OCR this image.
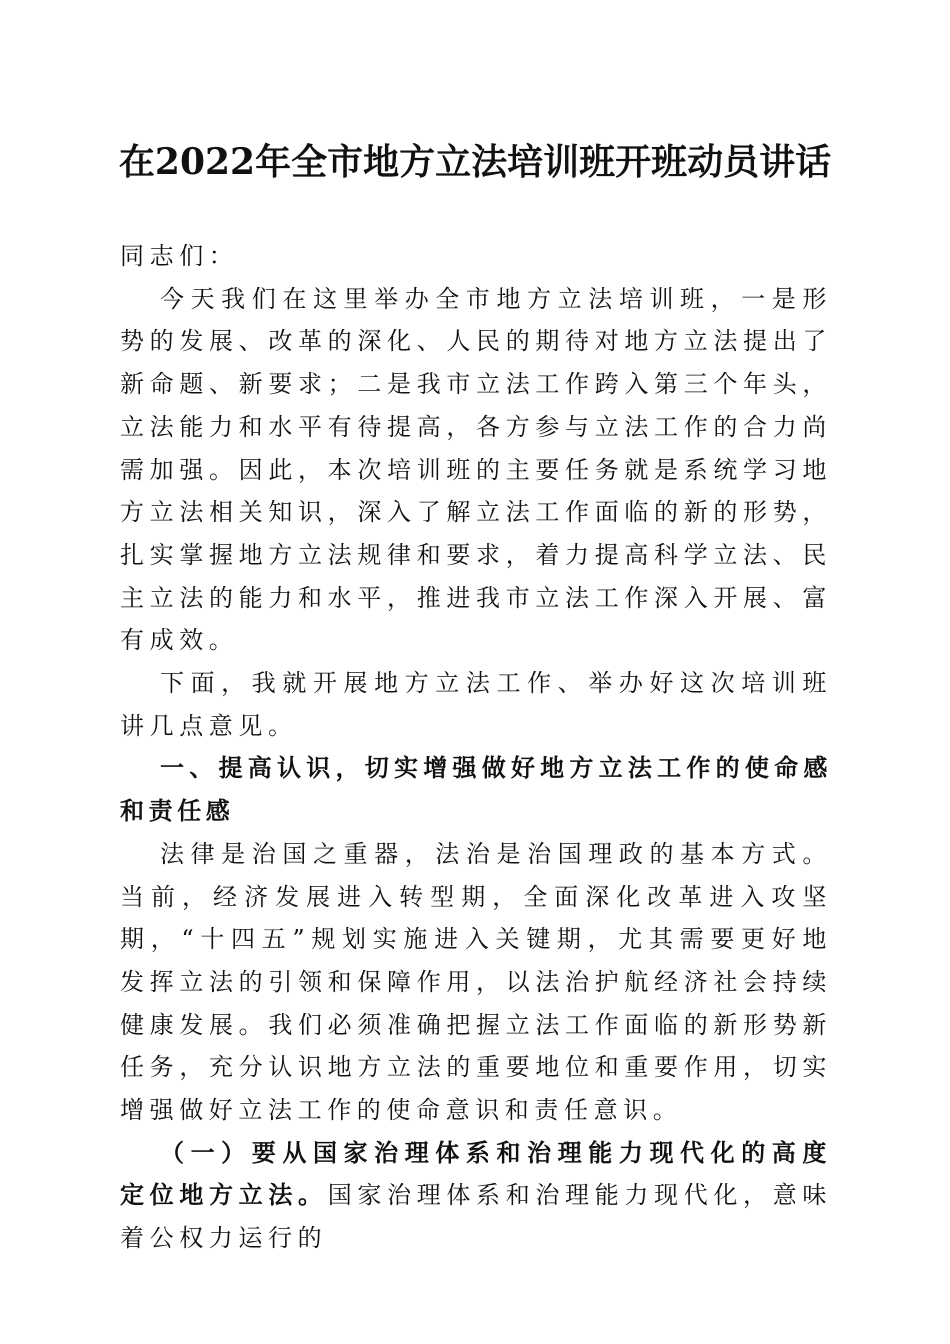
在2022年全市地方立法培训班开班动员讲话

同志们：

今天我们在这里举办全市地方立法培训班，一是形势的发展、改革的深化、人民的期待对地方立法提出了新命题、新要求；二是我市立法工作跨入第三个年头，立法能力和水平有待提高，各方参与立法工作的合力尚需加强。因此，本次培训班的主要任务就是系统学习地方立法相关知识，深入了解立法工作面临的新的形势，扎实掌握地方立法规律和要求，着力提高科学立法、民主立法的能力和水平，推进我市立法工作深入开展、富有成效。

下面，我就开展地方立法工作、举办好这次培训班讲几点意见。

一、提高认识，切实增强做好地方立法工作的使命感和责任感

法律是治国之重器，法治是治国理政的基本方式。当前，经济发展进入转型期，全面深化改革进入攻坚期，“十四五”规划实施进入关键期，尤其需要更好地发挥立法的引领和保障作用，以法治护航经济社会持续健康发展。我们必须准确把握立法工作面临的新形势新任务，充分认识地方立法的重要地位和重要作用，切实增强做好立法工作的使命意识和责任意识。

（一）要从国家治理体系和治理能力现代化的高度定位地方立法。国家治理体系和治理能力现代化，意味着公权力运行的
